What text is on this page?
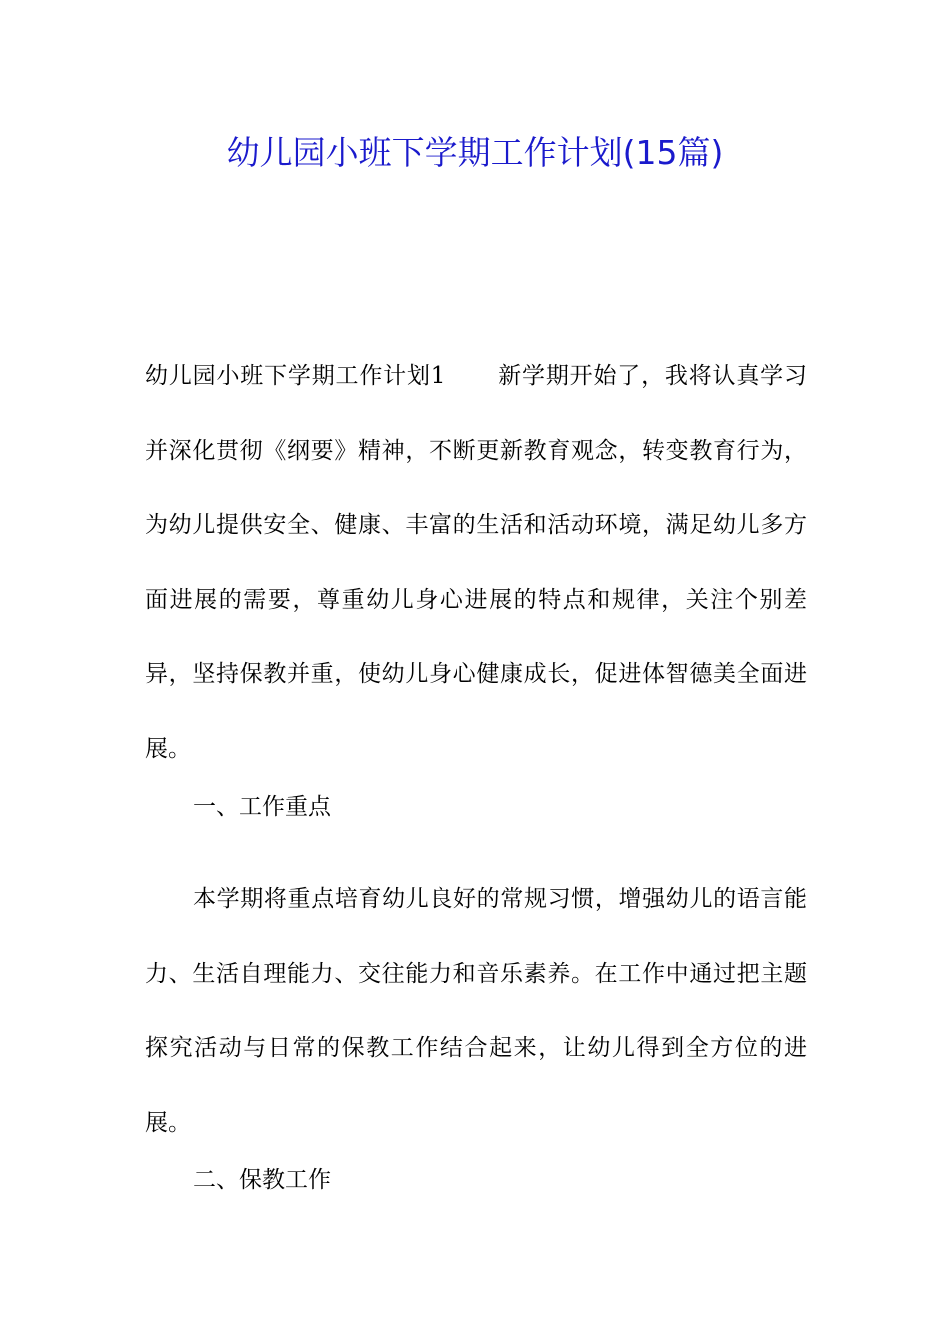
幼儿园小班下学期工作计划(15篇)
幼儿园小班下学期工作计划1 新学期开始了，我将认真学习并深化贯彻《纲要》精神，不断更新教育观念，转变教育行为，为幼儿提供安全、健康、丰富的生活和活动环境，满足幼儿多方面进展的需要，尊重幼儿身心进展的特点和规律，关注个别差异，坚持保教并重，使幼儿身心健康成长，促进体智德美全面进展。
一、工作重点
本学期将重点培育幼儿良好的常规习惯，增强幼儿的语言能力、生活自理能力、交往能力和音乐素养。在工作中通过把主题探究活动与日常的保教工作结合起来，让幼儿得到全方位的进展。
二、保教工作
